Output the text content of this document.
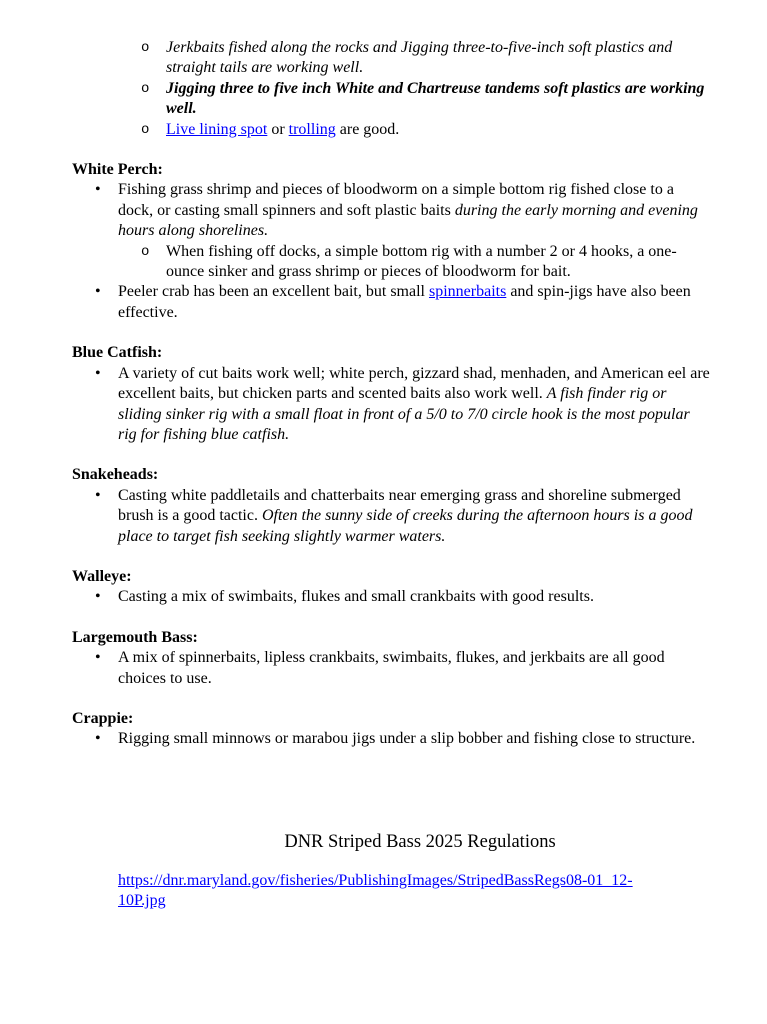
o Jerkbaits fished along the rocks and Jigging three-to-five-inch soft plastics and straight tails are working well.
o Jigging three to five inch White and Chartreuse tandems soft plastics are working well.
o Live lining spot or trolling are good.
White Perch:
• Fishing grass shrimp and pieces of bloodworm on a simple bottom rig fished close to a dock, or casting small spinners and soft plastic baits during the early morning and evening hours along shorelines.
o When fishing off docks, a simple bottom rig with a number 2 or 4 hooks, a one-ounce sinker and grass shrimp or pieces of bloodworm for bait.
• Peeler crab has been an excellent bait, but small spinnerbaits and spin-jigs have also been effective.
Blue Catfish:
• A variety of cut baits work well; white perch, gizzard shad, menhaden, and American eel are excellent baits, but chicken parts and scented baits also work well. A fish finder rig or sliding sinker rig with a small float in front of a 5/0 to 7/0 circle hook is the most popular rig for fishing blue catfish.
Snakeheads:
• Casting white paddletails and chatterbaits near emerging grass and shoreline submerged brush is a good tactic. Often the sunny side of creeks during the afternoon hours is a good place to target fish seeking slightly warmer waters.
Walleye:
• Casting a mix of swimbaits, flukes and small crankbaits with good results.
Largemouth Bass:
• A mix of spinnerbaits, lipless crankbaits, swimbaits, flukes, and jerkbaits are all good choices to use.
Crappie:
• Rigging small minnows or marabou jigs under a slip bobber and fishing close to structure.
DNR Striped Bass 2025 Regulations
https://dnr.maryland.gov/fisheries/PublishingImages/StripedBassRegs08-01_12-
10P.jpg
